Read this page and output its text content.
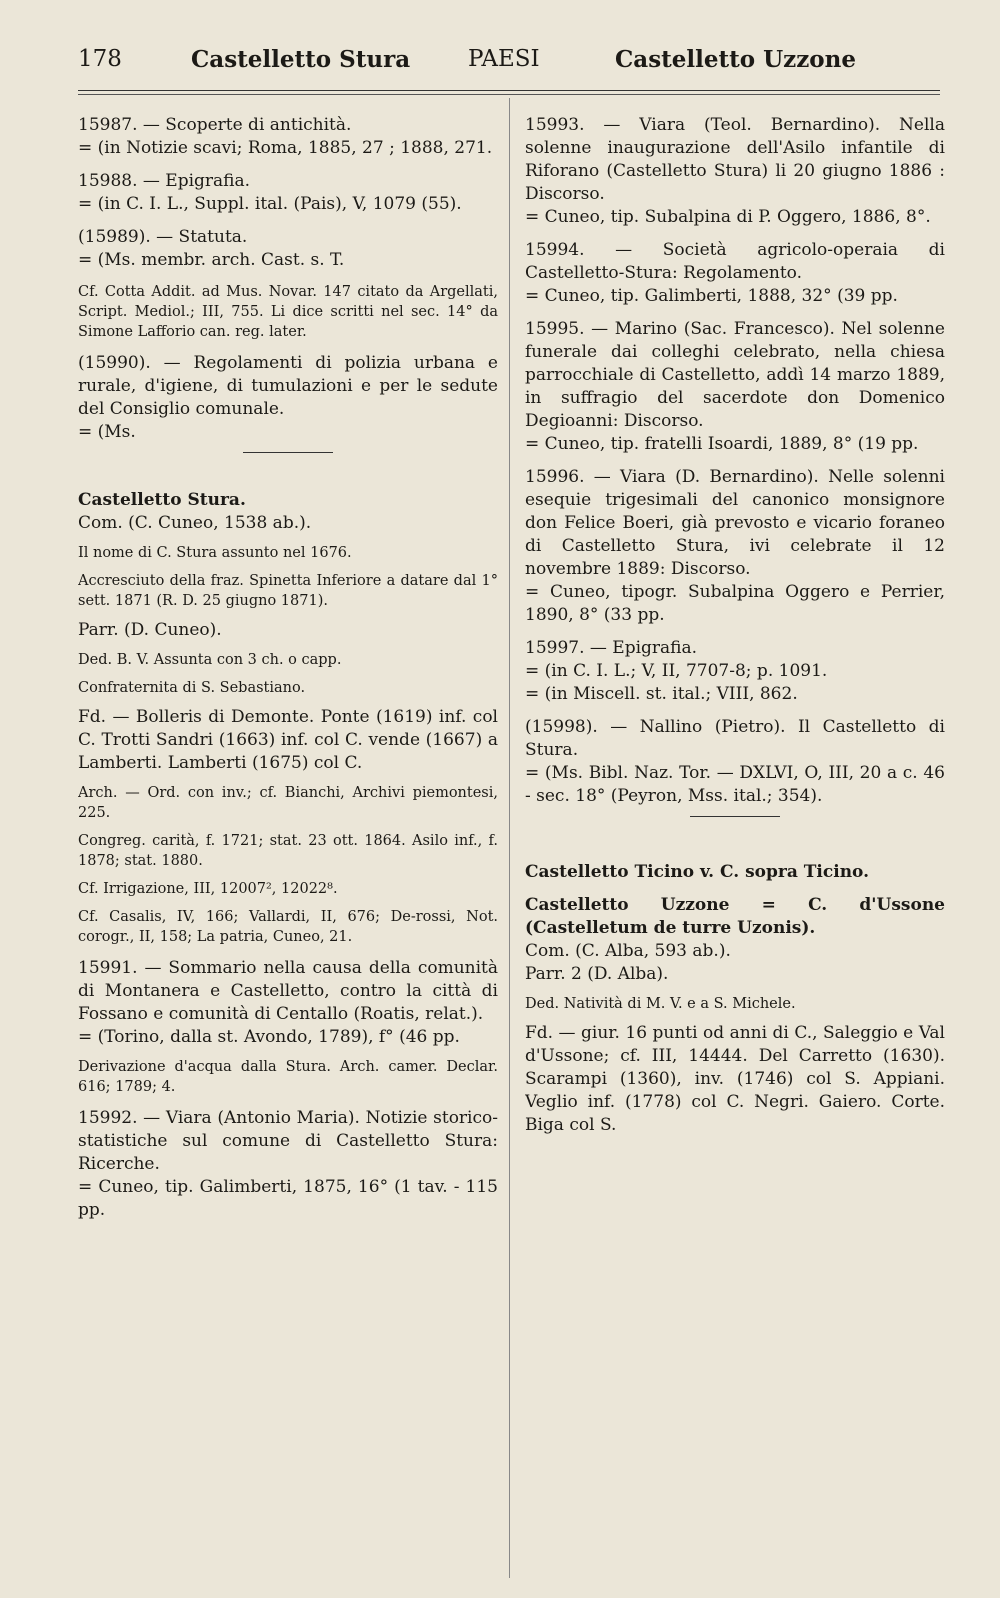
178	Castelletto Stura	PAESI	Castelletto Uzzone

15987. — Scoperte di antichità.

= (in Notizie scavi; Roma, 1885, 27 ; 1888, 271.

15988. — Epigrafia.

= (in C. I. L., Suppl. ital. (Pais), V, 1079 (55).

(15989). — Statuta.

= (Ms. membr. arch. Cast. s. T.

Cf. Cotta Addit. ad Mus. Novar. 147 citato da Argellati, Script. Mediol.; III, 755. Li dice scritti nel sec. 14° da Simone Lafforio can. reg. later.

(15990). — Regolamenti di polizia urbana e rurale, d'igiene, di tumulazioni e per le sedute del Consiglio comunale.

= (Ms.

Castelletto Stura.

Com. (C. Cuneo, 1538 ab.).

Il nome di C. Stura assunto nel 1676.

Accresciuto della fraz. Spinetta Inferiore a datare dal 1° sett. 1871 (R. D. 25 giugno 1871).

Parr. (D. Cuneo).

Ded. B. V. Assunta con 3 ch. o capp.

Confraternita di S. Sebastiano.

Fd. — Bolleris di Demonte. Ponte (1619) inf. col C. Trotti Sandri (1663) inf. col C. vende (1667) a Lamberti. Lamberti (1675) col C.

Arch. — Ord. con inv.; cf. Bianchi, Archivi piemontesi, 225.

Congreg. carità, f. 1721; stat. 23 ott. 1864. Asilo inf., f. 1878; stat. 1880.

Cf. Irrigazione, III, 12007², 12022⁸.

Cf. Casalis, IV, 166; Vallardi, II, 676; De-rossi, Not. corogr., II, 158; La patria, Cuneo, 21.

15991. — Sommario nella causa della comunità di Montanera e Castelletto, contro la città di Fossano e comunità di Centallo (Roatis, relat.).

= (Torino, dalla st. Avondo, 1789), f° (46 pp.

Derivazione d'acqua dalla Stura. Arch. camer. Declar. 616; 1789; 4.

15992. — Viara (Antonio Maria). Notizie storico-statistiche sul comune di Castelletto Stura: Ricerche.

= Cuneo, tip. Galimberti, 1875, 16° (1 tav. - 115 pp.

15993. — Viara (Teol. Bernardino). Nella solenne inaugurazione dell'Asilo infantile di Riforano (Castelletto Stura) li 20 giugno 1886 : Discorso.

= Cuneo, tip. Subalpina di P. Oggero, 1886, 8°.

15994. — Società agricolo-operaia di Castelletto-Stura: Regolamento.

= Cuneo, tip. Galimberti, 1888, 32° (39 pp.

15995. — Marino (Sac. Francesco). Nel solenne funerale dai colleghi celebrato, nella chiesa parrocchiale di Castelletto, addì 14 marzo 1889, in suffragio del sacerdote don Domenico Degioanni: Discorso.

= Cuneo, tip. fratelli Isoardi, 1889, 8° (19 pp.

15996. — Viara (D. Bernardino). Nelle solenni esequie trigesimali del canonico monsignore don Felice Boeri, già prevosto e vicario foraneo di Castelletto Stura, ivi celebrate il 12 novembre 1889: Discorso.

= Cuneo, tipogr. Subalpina Oggero e Perrier, 1890, 8° (33 pp.

15997. — Epigrafia.

= (in C. I. L.; V, II, 7707-8; p. 1091.

= (in Miscell. st. ital.; VIII, 862.

(15998). — Nallino (Pietro). Il Castelletto di Stura.

= (Ms. Bibl. Naz. Tor. — DXLVI, O, III, 20 a c. 46 - sec. 18° (Peyron, Mss. ital.; 354).

Castelletto Ticino v. C. sopra Ticino.

Castelletto Uzzone = C. d'Ussone (Castelletum de turre Uzonis).

Com. (C. Alba, 593 ab.).

Parr. 2 (D. Alba).

Ded. Natività di M. V. e a S. Michele.

Fd. — giur. 16 punti od anni di C., Saleggio e Val d'Ussone; cf. III, 14444. Del Carretto (1630). Scarampi (1360), inv. (1746) col S. Appiani. Veglio inf. (1778) col C. Negri. Gaiero. Corte. Biga col S.
